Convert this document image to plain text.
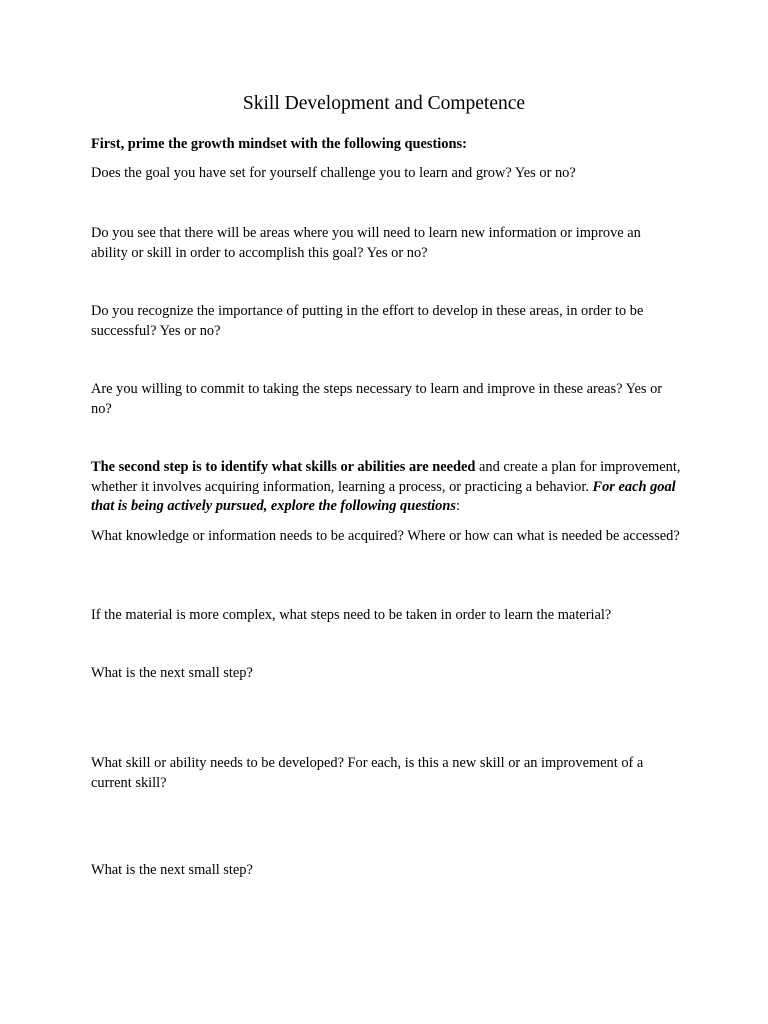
Skill Development and Competence
First, prime the growth mindset with the following questions:
Does the goal you have set for yourself challenge you to learn and grow? Yes or no?
Do you see that there will be areas where you will need to learn new information or improve an ability or skill in order to accomplish this goal? Yes or no?
Do you recognize the importance of putting in the effort to develop in these areas, in order to be successful? Yes or no?
Are you willing to commit to taking the steps necessary to learn and improve in these areas? Yes or no?
The second step is to identify what skills or abilities are needed and create a plan for improvement, whether it involves acquiring information, learning a process, or practicing a behavior. For each goal that is being actively pursued, explore the following questions:
What knowledge or information needs to be acquired? Where or how can what is needed be accessed?
If the material is more complex, what steps need to be taken in order to learn the material?
What is the next small step?
What skill or ability needs to be developed? For each, is this a new skill or an improvement of a current skill?
What is the next small step?
